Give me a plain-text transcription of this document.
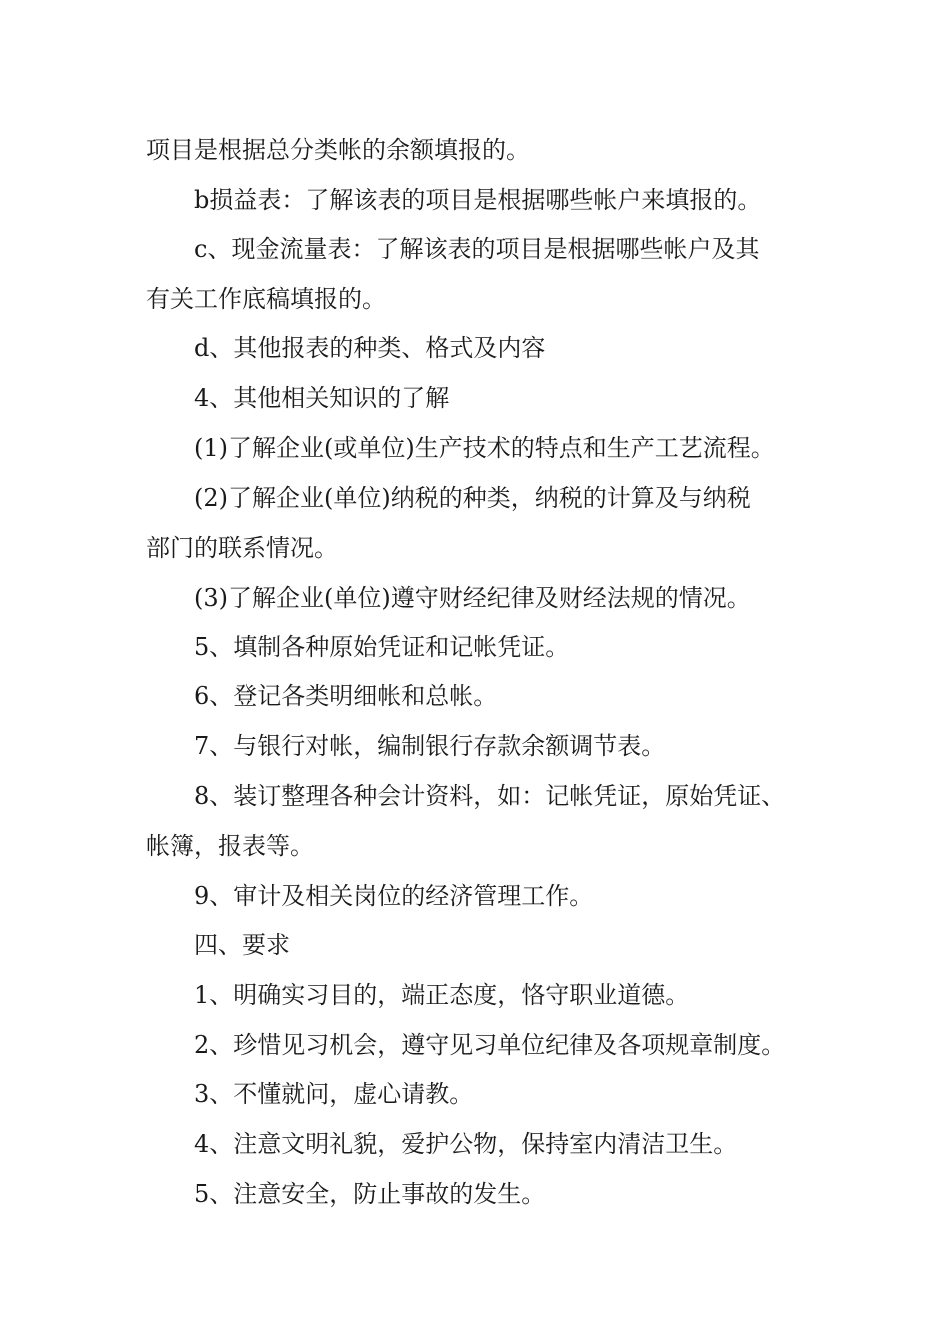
项目是根据总分类帐的余额填报的。
b损益表：了解该表的项目是根据哪些帐户来填报的。
c、现金流量表：了解该表的项目是根据哪些帐户及其
有关工作底稿填报的。
d、其他报表的种类、格式及内容
4、其他相关知识的了解
(1)了解企业(或单位)生产技术的特点和生产工艺流程。
(2)了解企业(单位)纳税的种类，纳税的计算及与纳税
部门的联系情况。
(3)了解企业(单位)遵守财经纪律及财经法规的情况。
5、填制各种原始凭证和记帐凭证。
6、登记各类明细帐和总帐。
7、与银行对帐，编制银行存款余额调节表。
8、装订整理各种会计资料，如：记帐凭证，原始凭证、
帐簿，报表等。
9、审计及相关岗位的经济管理工作。
四、要求
1、明确实习目的，端正态度，恪守职业道德。
2、珍惜见习机会，遵守见习单位纪律及各项规章制度。
3、不懂就问，虚心请教。
4、注意文明礼貌，爱护公物，保持室内清洁卫生。
5、注意安全，防止事故的发生。
